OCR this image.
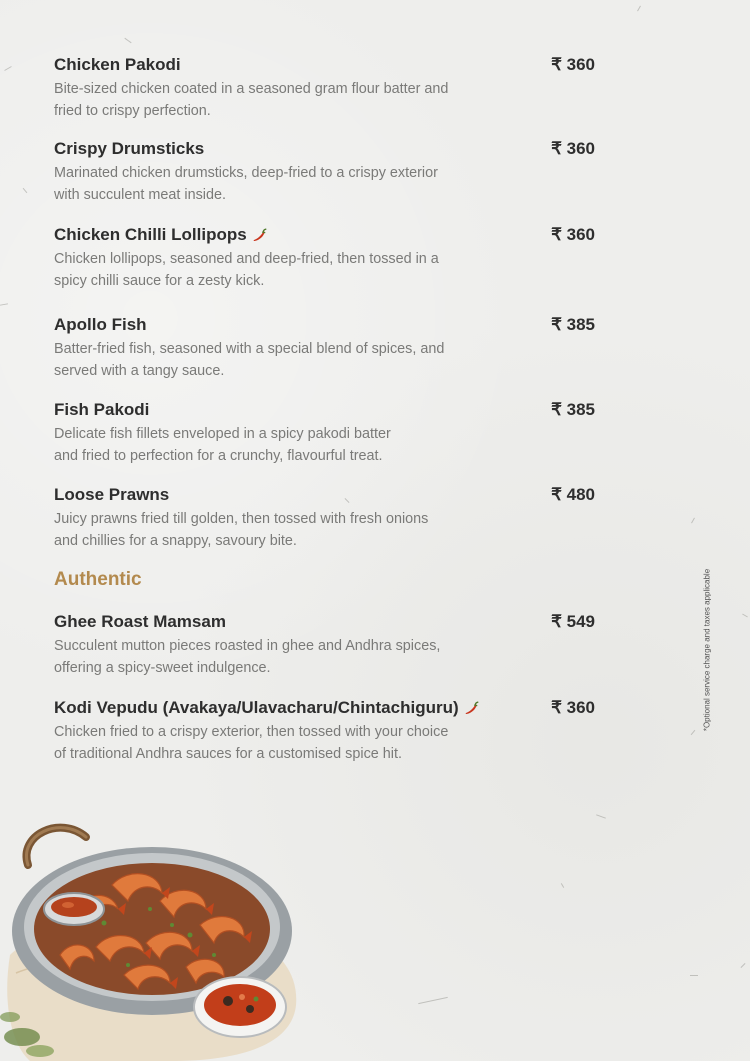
Chicken Pakodi	₹ 360
Bite-sized chicken coated in a seasoned gram flour batter and
fried to crispy perfection.
Crispy Drumsticks	₹ 360
Marinated chicken drumsticks, deep-fried to a crispy exterior
with succulent meat inside.
Chicken Chilli Lollipops	₹ 360
Chicken lollipops, seasoned and deep-fried, then tossed in a
spicy chilli sauce for a zesty kick.
Apollo Fish	₹ 385
Batter-fried fish, seasoned with a special blend of spices, and
served with a tangy sauce.
Fish Pakodi	₹ 385
Delicate fish fillets enveloped in a spicy pakodi batter
and fried to perfection for a crunchy, flavourful treat.
Loose Prawns	₹ 480
Juicy prawns fried till golden, then tossed with fresh onions
and chillies for a snappy, savoury bite.
Authentic
Ghee Roast Mamsam	₹ 549
Succulent mutton pieces roasted in ghee and Andhra spices,
offering a spicy-sweet indulgence.
Kodi Vepudu (Avakaya/Ulavacharu/Chintachiguru)	₹ 360
Chicken fried to a crispy exterior, then tossed with your choice
of traditional Andhra sauces for a customised spice hit.
*Optional service charge and taxes applicable
